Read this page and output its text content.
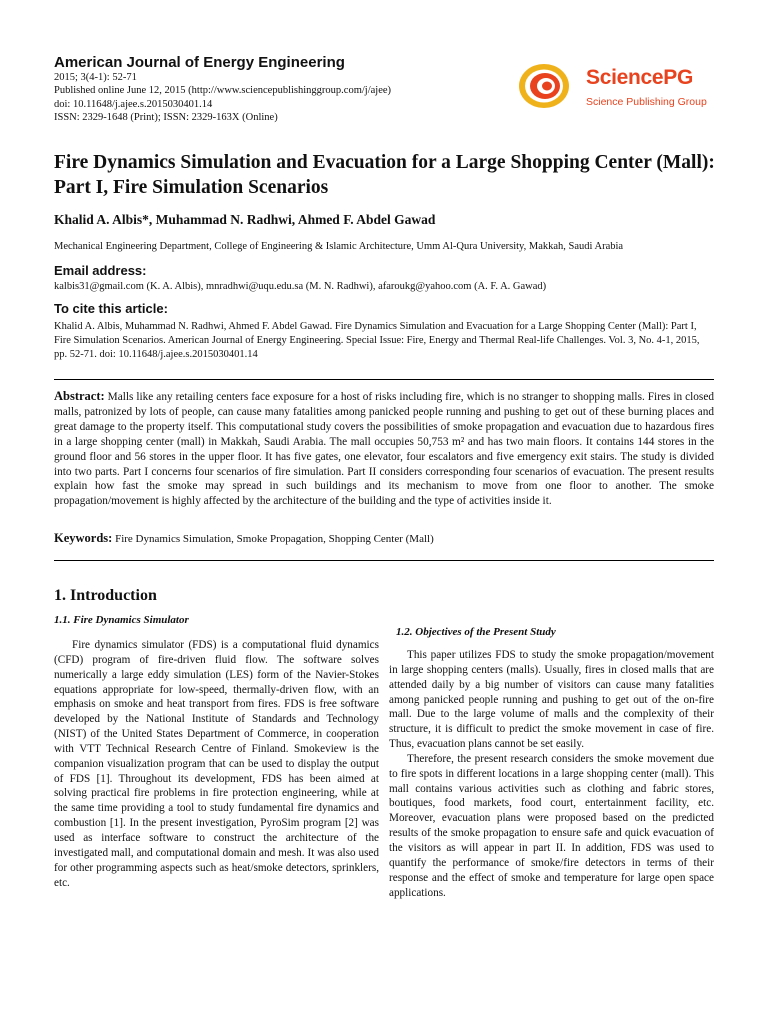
American Journal of Energy Engineering
2015; 3(4-1): 52-71
Published online June 12, 2015 (http://www.sciencepublishinggroup.com/j/ajee)
doi: 10.11648/j.ajee.s.2015030401.14
ISSN: 2329-1648 (Print); ISSN: 2329-163X (Online)
SciencePG
Science Publishing Group
Fire Dynamics Simulation and Evacuation for a Large Shopping Center (Mall): Part I, Fire Simulation Scenarios
Khalid A. Albis*, Muhammad N. Radhwi, Ahmed F. Abdel Gawad
Mechanical Engineering Department, College of Engineering & Islamic Architecture, Umm Al-Qura University, Makkah, Saudi Arabia
Email address:
kalbis31@gmail.com (K. A. Albis), mnradhwi@uqu.edu.sa (M. N. Radhwi), afaroukg@yahoo.com (A. F. A. Gawad)
To cite this article:
Khalid A. Albis, Muhammad N. Radhwi, Ahmed F. Abdel Gawad. Fire Dynamics Simulation and Evacuation for a Large Shopping Center (Mall): Part I, Fire Simulation Scenarios. American Journal of Energy Engineering. Special Issue: Fire, Energy and Thermal Real-life Challenges. Vol. 3, No. 4-1, 2015, pp. 52-71. doi: 10.11648/j.ajee.s.2015030401.14
Abstract: Malls like any retailing centers face exposure for a host of risks including fire, which is no stranger to shopping malls. Fires in closed malls, patronized by lots of people, can cause many fatalities among panicked people running and pushing to get out of these burning places and great damage to the property itself. This computational study covers the possibilities of smoke propagation and evacuation due to hazardous fires in a large shopping center (mall) in Makkah, Saudi Arabia. The mall occupies 50,753 m² and has two main floors. It contains 144 stores in the ground floor and 56 stores in the upper floor. It has five gates, one elevator, four escalators and five emergency exit stairs. The study is divided into two parts. Part I concerns four scenarios of fire simulation. Part II considers corresponding four scenarios of evacuation. The present results explain how fast the smoke may spread in such buildings and its mechanism to move from one floor to another. The smoke propagation/movement is highly affected by the architecture of the building and the type of activities inside it.
Keywords: Fire Dynamics Simulation, Smoke Propagation, Shopping Center (Mall)
1. Introduction
1.1. Fire Dynamics Simulator

Fire dynamics simulator (FDS) is a computational fluid dynamics (CFD) program of fire-driven fluid flow. The software solves numerically a large eddy simulation (LES) form of the Navier-Stokes equations appropriate for low-speed, thermally-driven flow, with an emphasis on smoke and heat transport from fires. FDS is free software developed by the National Institute of Standards and Technology (NIST) of the United States Department of Commerce, in cooperation with VTT Technical Research Centre of Finland. Smokeview is the companion visualization program that can be used to display the output of FDS [1]. Throughout its development, FDS has been aimed at solving practical fire problems in fire protection engineering, while at the same time providing a tool to study fundamental fire dynamics and combustion [1]. In the present investigation, PyroSim program [2] was used as interface software to construct the architecture of the investigated mall, and computational domain and mesh. It was also used for other programming aspects such as heat/smoke detectors, sprinklers, etc.

1.2. Objectives of the Present Study

This paper utilizes FDS to study the smoke propagation/movement in large shopping centers (malls). Usually, fires in closed malls that are attended daily by a big number of visitors can cause many fatalities among panicked people running and pushing to get out of the on-fire mall. Due to the large volume of malls and the complexity of their structure, it is difficult to predict the smoke movement in case of fire. Thus, evacuation plans cannot be set easily.

Therefore, the present research considers the smoke movement due to fire spots in different locations in a large shopping center (mall). This mall contains various activities such as clothing and fabric stores, boutiques, food markets, food court, entertainment facility, etc. Moreover, evacuation plans were proposed based on the predicted results of the smoke propagation to ensure safe and quick evacuation of the visitors as will appear in part II. In addition, FDS was used to quantify the performance of smoke/fire detectors in terms of their response and the effect of smoke and temperature for large open space applications.
